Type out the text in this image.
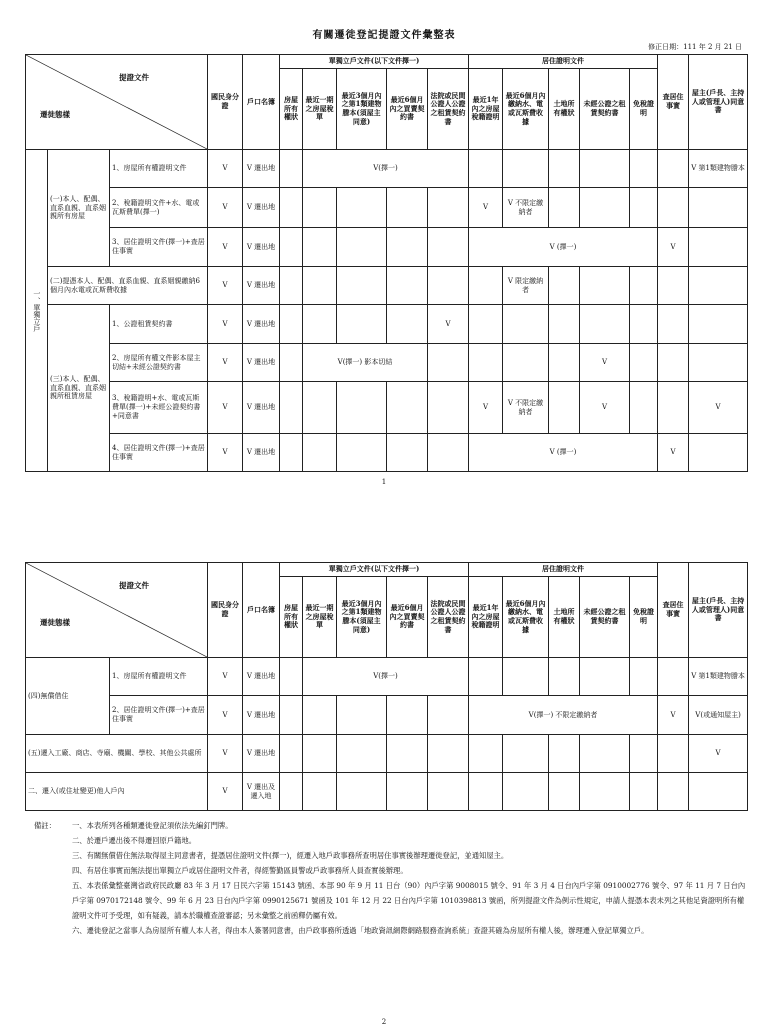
有關遷徙登記提證文件彙整表
修正日期：111 年 2 月 21 日
提證文件
遷徙態樣			國民身分證	戶口名簿	單獨立戶文件(以下文件擇一)					居住證明文件					查居住事實	屋主(戶長、主持人或管理人)同意書
					房屋所有權狀	最近一期之房屋稅單	最近3個月內之第1類建物謄本(須屋主同意)	最近6個月內之買賣契約書	法院或民間公證人公證之租賃契約書	最近1年內之房屋稅籍證明	最近6個月內繳納水、電或瓦斯費收據	土地所有權狀	未經公證之租賃契約書	免稅證明		

一、單獨立戶	(一)本人、配偶、直系血親、直系姻親所有房屋	1、房屋所有權證明文件	V	V 遷出地		V(擇一)										V 第1類建物謄本
		2、稅籍證明文件+水、電或瓦斯費單(擇一)	V	V 遷出地						V	V 不限定繳納者					
		3、居住證明文件(擇一)+查居住事實	V	V 遷出地						V (擇一)					V	
	(二)提憑本人、配偶、直系血親、直系姻親繳納6個月內水電或瓦斯費收據		V	V 遷出地							V 限定繳納者					
	(三)本人、配偶、直系血親、直系姻親所租賃房屋	1、公證租賃契約書	V	V 遷出地					V							
		2、房屋所有權文件影本屋主切結+未經公證契約書	V	V 遷出地		V(擇一) 影本切結							V			
		3、稅籍證明+水、電或瓦斯費單(擇一)+未經公證契約書+同意書	V	V 遷出地						V	V 不限定繳納者		V			V
		4、居住證明文件(擇一)+查居住事實	V	V 遷出地						V (擇一)					V	
1
提證文件
遷徙態樣		國民身分證	戶口名簿	單獨立戶文件(以下文件擇一)					居住證明文件					查居住事實	屋主(戶長、主持人或管理人)同意書
				房屋所有權狀	最近一期之房屋稅單	最近3個月內之第1類建物謄本(須屋主同意)	最近6個月內之買賣契約書	法院或民間公證人公證之租賃契約書	最近1年內之房屋稅籍證明	最近6個月內繳納水、電或瓦斯費收據	土地所有權狀	未經公證之租賃契約書	免稅證明		
(四)無償借住	1、房屋所有權證明文件	V	V 遷出地		V(擇一)										V 第1類建物謄本
	2、居住證明文件(擇一)+查居住事實	V	V 遷出地						V(擇一) 不限定繳納者					V	V(或通知屋主)
(五)遷入工廠、商店、寺廟、機關、學校、其他公共處所		V	V 遷出地												V
二、遷入(或住址變更)他人戶內		V	V 遷出及遷入地												
備註：	一、本表所列各種類遷徙登記須依法先編釘門牌。
二、於遷戶遷出後不得遷回原戶籍地。
三、有關無償借住無法取得屋主同意書者，提憑居住證明文件(擇一)，經遷入地戶政事務所查明居住事實後辦理遷徙登記，並通知屋主。
四、有居住事實而無法提出單獨立戶或居住證明文件者，得經警勤區員警或戶政事務所人員查實後辦理。
五、本表係彙整臺灣省政府民政廳 83 年 3 月 17 日民六字第 15143 號函、本部 90 年 9 月 11 日台（90）內戶字第 9008015 號令、91 年 3 月 4 日台內戶字第 0910002776 號令、97 年 11 月 7 日台內戶字第 0970172148 號令、99 年 6 月 23 日台內戶字第 0990125671 號函及 101 年 12 月 22 日台內戶字第 1010398813 號函，所列提證文件為例示性規定，申請人提憑本表未列之其他足資證明所有權證明文件可予受理，如有疑義，請本於職權查證審認；另未彙整之前函釋仍屬有效。
六、遷徙登記之當事人為房屋所有權人本人者，得由本人簽署同意書，由戶政事務所透過「地政資訊網際網路服務查詢系統」查證其確為房屋所有權人後，辦理遷入登記單獨立戶。
2
